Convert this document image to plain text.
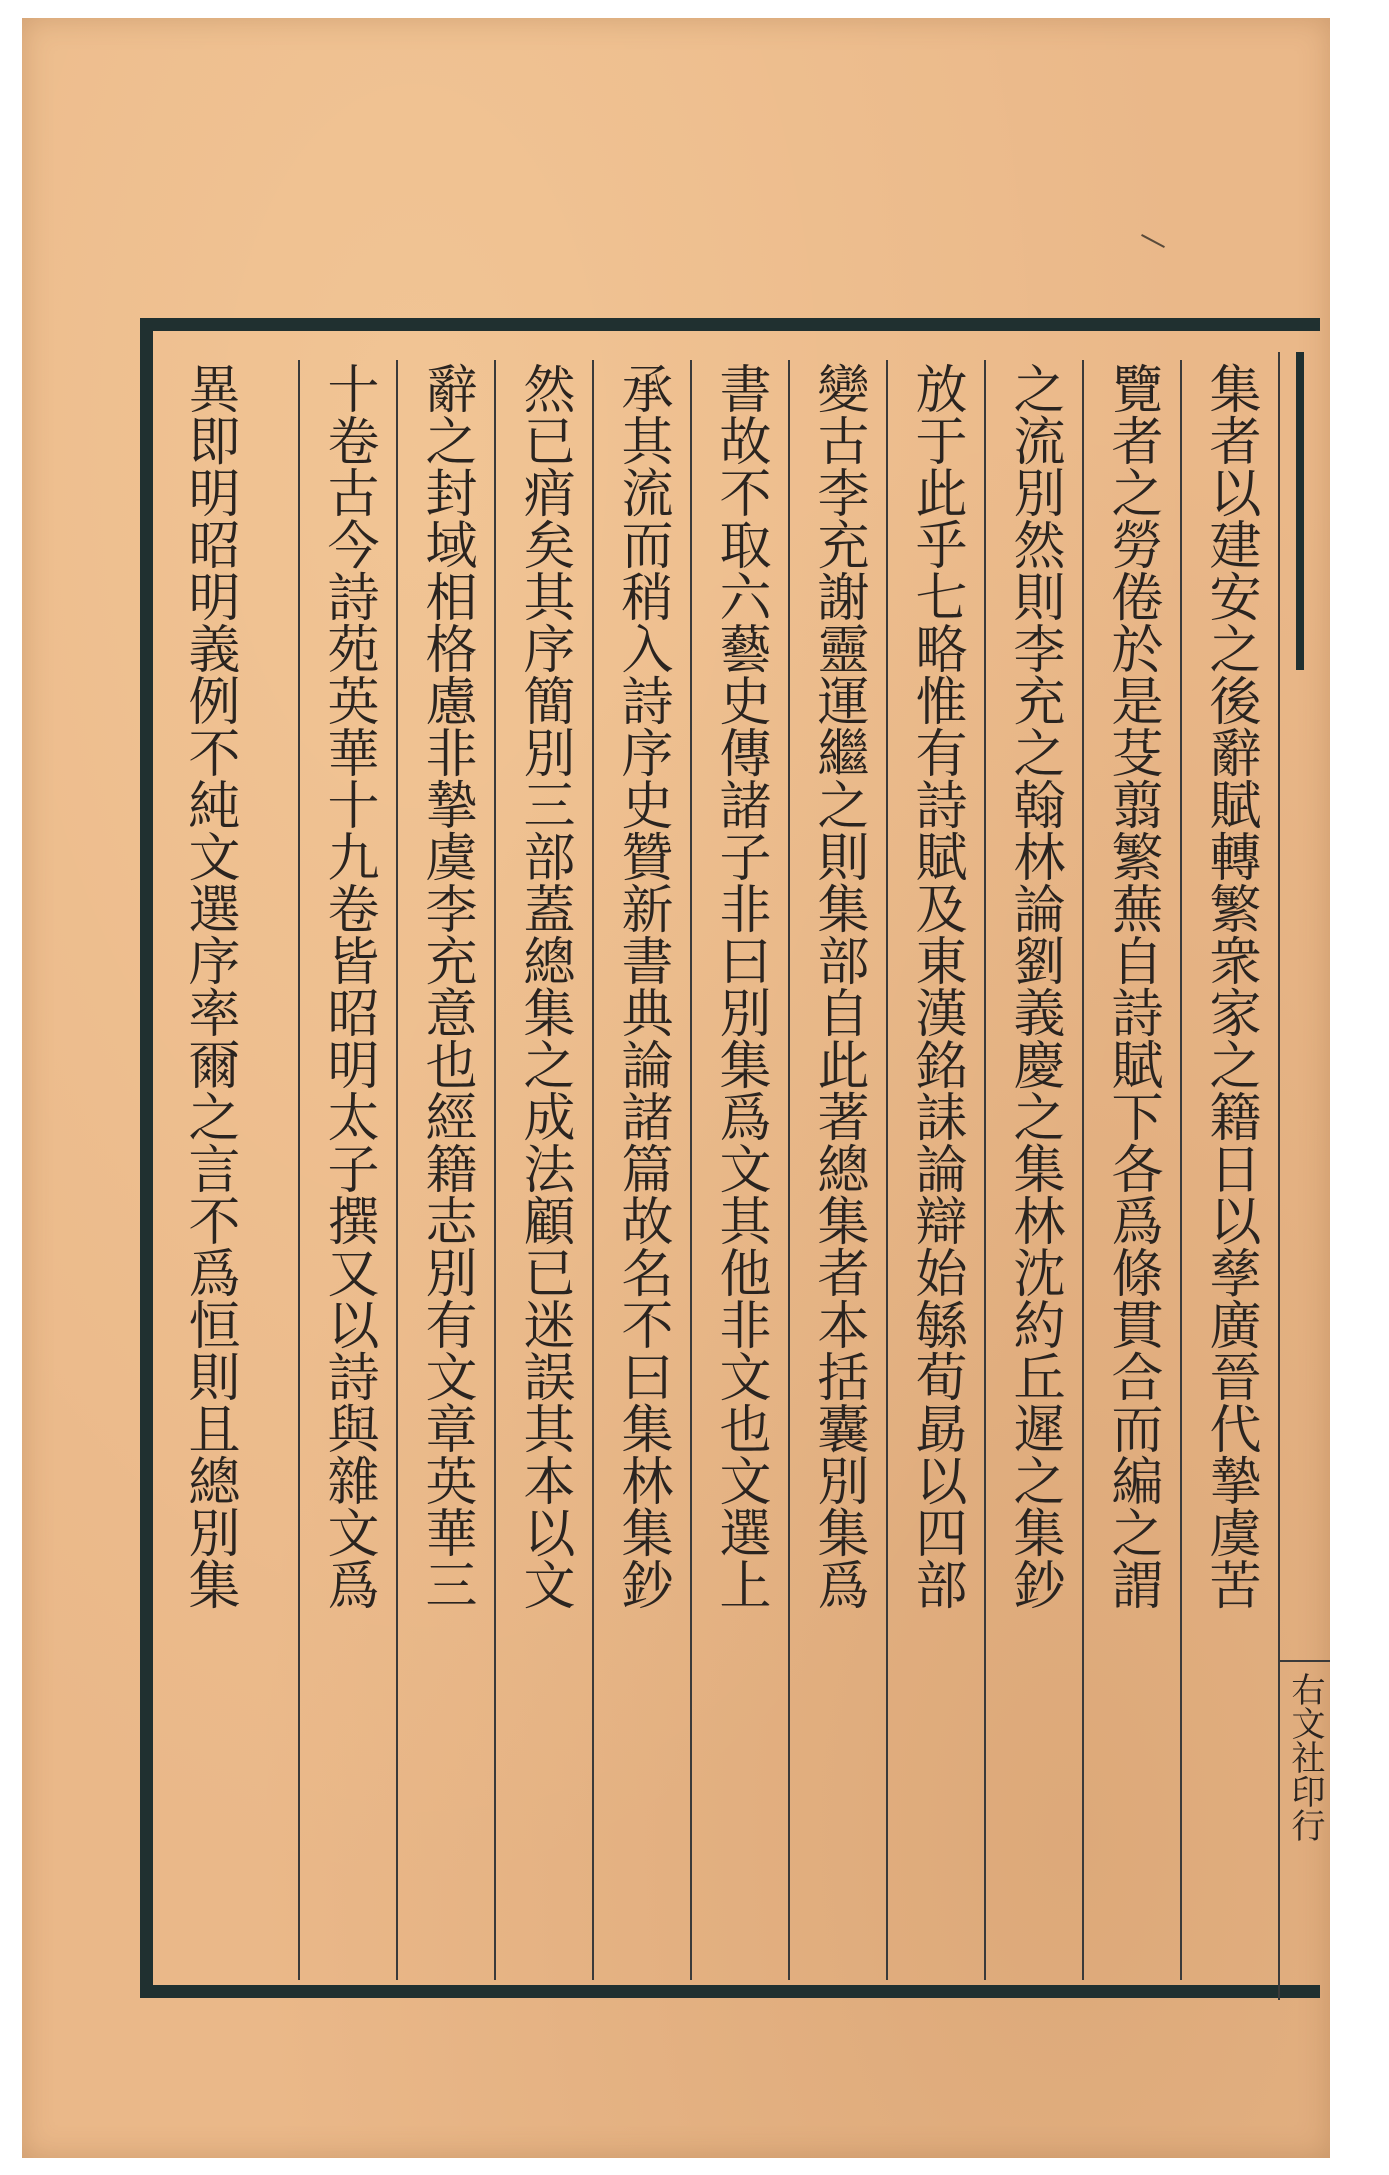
集者以建安之後辭賦轉繁衆家之籍日以孳廣晉代摯虞苦
覽者之勞倦於是芟翦繁蕪自詩賦下各爲條貫合而編之謂
之流別然則李充之翰林論劉義慶之集林沈約丘遲之集鈔
放于此乎七略惟有詩賦及東漢銘誄論辯始緐荀勗以四部
變古李充謝靈運繼之則集部自此著總集者本括囊別集爲
書故不取六藝史傳諸子非曰別集爲文其他非文也文選上
承其流而稍入詩序史贊新書典論諸篇故名不曰集林集鈔
然已痟矣其序簡別三部蓋總集之成法顧已迷誤其本以文
辭之封域相格慮非摯虞李充意也經籍志別有文章英華三
十卷古今詩苑英華十九卷皆昭明太子撰又以詩與雜文爲
異即明昭明義例不純文選序率爾之言不爲恒則且總別集
右文社印行
